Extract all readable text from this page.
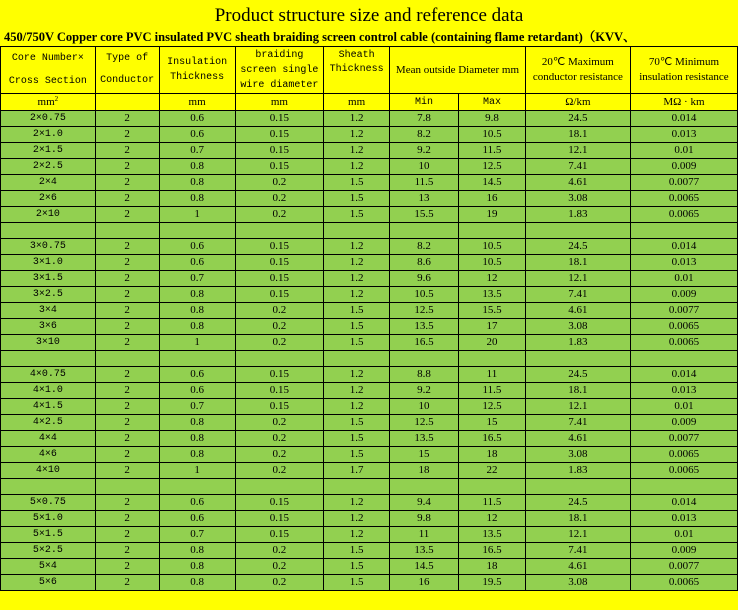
Product structure size and reference data
450/750V Copper core PVC insulated PVC sheath braiding screen control cable (containing flame retardant)（KVV、
Core Number×
Cross Section	Type of Conductor	Insulation Thickness	braiding screen single wire diameter	Sheath Thickness	Mean outside Diameter mm		20℃ Maximum conductor resistance	70℃ Minimum insulation resistance

$mm^2$		mm	mm	mm	Min	Max	Ω/km	MΩ · km
2×0.75	2	0.6	0.15	1.2	7.8	9.8	24.5	0.014
2×1.0	2	0.6	0.15	1.2	8.2	10.5	18.1	0.013
2×1.5	2	0.7	0.15	1.2	9.2	11.5	12.1	0.01
2×2.5	2	0.8	0.15	1.2	10	12.5	7.41	0.009
2×4	2	0.8	0.2	1.5	11.5	14.5	4.61	0.0077
2×6	2	0.8	0.2	1.5	13	16	3.08	0.0065
2×10	2	1	0.2	1.5	15.5	19	1.83	0.0065

3×0.75	2	0.6	0.15	1.2	8.2	10.5	24.5	0.014
3×1.0	2	0.6	0.15	1.2	8.6	10.5	18.1	0.013
3×1.5	2	0.7	0.15	1.2	9.6	12	12.1	0.01
3×2.5	2	0.8	0.15	1.2	10.5	13.5	7.41	0.009
3×4	2	0.8	0.2	1.5	12.5	15.5	4.61	0.0077
3×6	2	0.8	0.2	1.5	13.5	17	3.08	0.0065
3×10	2	1	0.2	1.5	16.5	20	1.83	0.0065

4×0.75	2	0.6	0.15	1.2	8.8	11	24.5	0.014
4×1.0	2	0.6	0.15	1.2	9.2	11.5	18.1	0.013
4×1.5	2	0.7	0.15	1.2	10	12.5	12.1	0.01
4×2.5	2	0.8	0.2	1.5	12.5	15	7.41	0.009
4×4	2	0.8	0.2	1.5	13.5	16.5	4.61	0.0077
4×6	2	0.8	0.2	1.5	15	18	3.08	0.0065
4×10	2	1	0.2	1.7	18	22	1.83	0.0065

5×0.75	2	0.6	0.15	1.2	9.4	11.5	24.5	0.014
5×1.0	2	0.6	0.15	1.2	9.8	12	18.1	0.013
5×1.5	2	0.7	0.15	1.2	11	13.5	12.1	0.01
5×2.5	2	0.8	0.2	1.5	13.5	16.5	7.41	0.009
5×4	2	0.8	0.2	1.5	14.5	18	4.61	0.0077
5×6	2	0.8	0.2	1.5	16	19.5	3.08	0.0065
